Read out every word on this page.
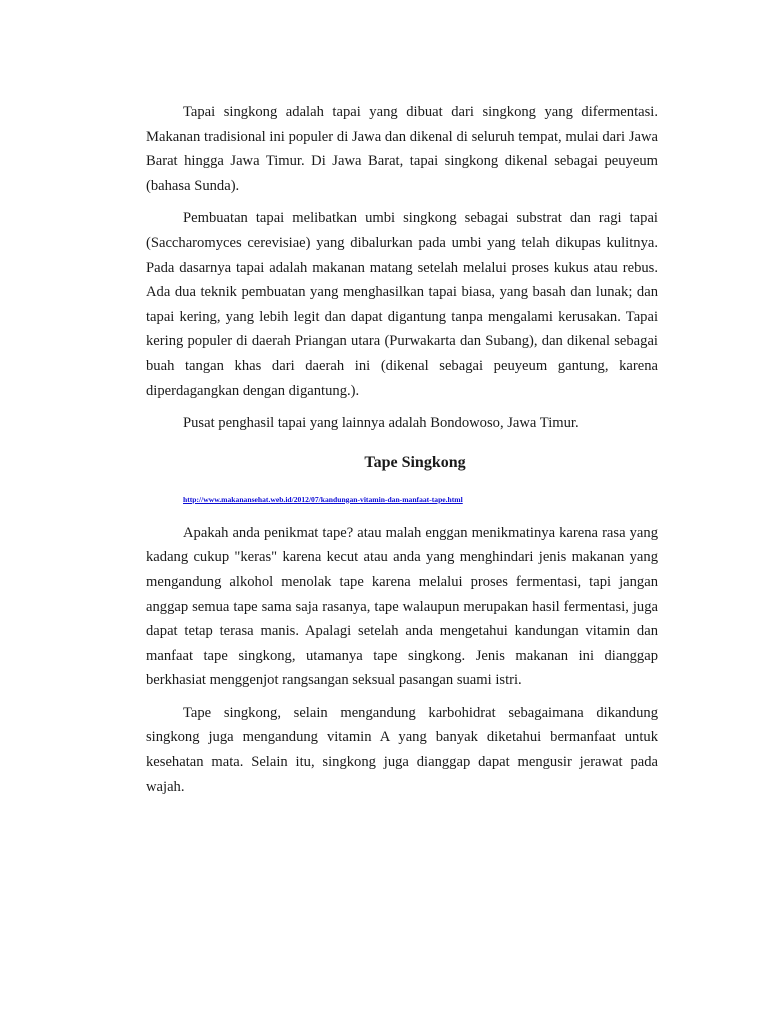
Tapai singkong adalah tapai yang dibuat dari singkong yang difermentasi. Makanan tradisional ini populer di Jawa dan dikenal di seluruh tempat, mulai dari Jawa Barat hingga Jawa Timur. Di Jawa Barat, tapai singkong dikenal sebagai peuyeum (bahasa Sunda).

Pembuatan tapai melibatkan umbi singkong sebagai substrat dan ragi tapai (Saccharomyces cerevisiae) yang dibalurkan pada umbi yang telah dikupas kulitnya. Pada dasarnya tapai adalah makanan matang setelah melalui proses kukus atau rebus. Ada dua teknik pembuatan yang menghasilkan tapai biasa, yang basah dan lunak; dan tapai kering, yang lebih legit dan dapat digantung tanpa mengalami kerusakan. Tapai kering populer di daerah Priangan utara (Purwakarta dan Subang), dan dikenal sebagai buah tangan khas dari daerah ini (dikenal sebagai peuyeum gantung, karena diperdagangkan dengan digantung.).

Pusat penghasil tapai yang lainnya adalah Bondowoso, Jawa Timur.

Tape Singkong

http://www.makanansehat.web.id/2012/07/kandungan-vitamin-dan-manfaat-tape.html

Apakah anda penikmat tape? atau malah enggan menikmatinya karena rasa yang kadang cukup "keras" karena kecut atau anda yang menghindari jenis makanan yang mengandung alkohol menolak tape karena melalui proses fermentasi, tapi jangan anggap semua tape sama saja rasanya, tape walaupun merupakan hasil fermentasi, juga dapat tetap terasa manis. Apalagi setelah anda mengetahui kandungan vitamin dan manfaat tape singkong, utamanya tape singkong. Jenis makanan ini dianggap berkhasiat menggenjot rangsangan seksual pasangan suami istri.

Tape singkong, selain mengandung karbohidrat sebagaimana dikandung singkong juga mengandung vitamin A yang banyak diketahui bermanfaat untuk kesehatan mata. Selain itu, singkong juga dianggap dapat mengusir jerawat pada wajah.
